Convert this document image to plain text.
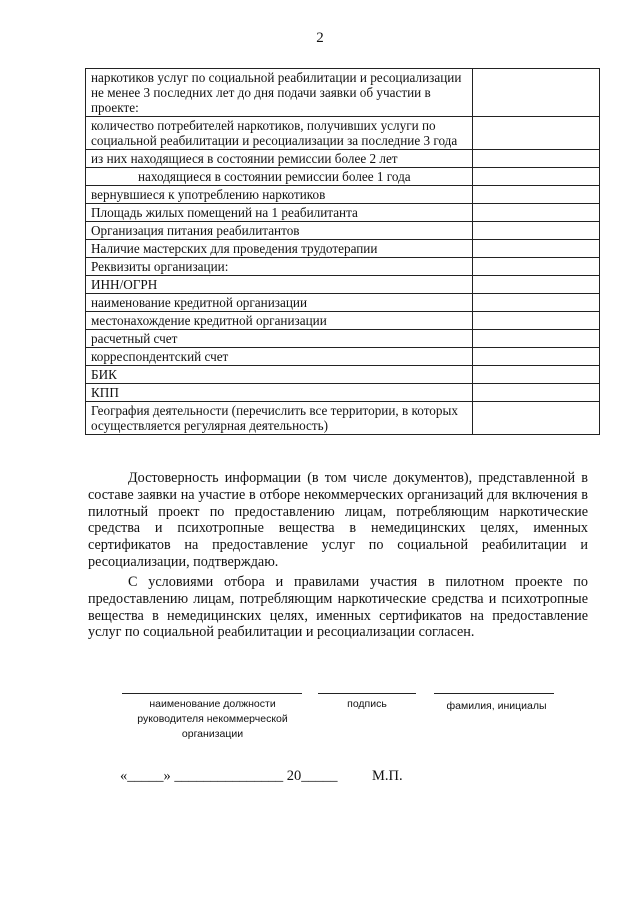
2
наркотиков услуг по социальной реабилитации и ресоциализации не менее 3 последних лет до дня подачи заявки об участии в проекте:	
количество потребителей наркотиков, получивших услуги по социальной реабилитации и ресоциализации за последние 3 года	
из них находящиеся в состоянии ремиссии более 2 лет	
находящиеся в состоянии ремиссии более 1 года	
вернувшиеся к употреблению наркотиков	
Площадь жилых помещений на 1 реабилитанта	
Организация питания реабилитантов	
Наличие мастерских для проведения трудотерапии	
Реквизиты организации:	
ИНН/ОГРН	
наименование кредитной организации	
местонахождение кредитной организации	
расчетный счет	
корреспондентский счет	
БИК	
КПП	
География деятельности (перечислить все территории, в которых осуществляется регулярная деятельность)	
Достоверность информации (в том числе документов), представленной в составе заявки на участие в отборе некоммерческих организаций для включения в пилотный проект по предоставлению лицам, потребляющим наркотические средства и психотропные вещества в немедицинских целях, именных сертификатов на предоставление услуг по социальной реабилитации и ресоциализации, подтверждаю.
С условиями отбора и правилами участия в пилотном проекте по предоставлению лицам, потребляющим наркотические средства и психотропные вещества в немедицинских целях, именных сертификатов на предоставление услуг по социальной реабилитации и ресоциализации согласен.
наименование должности руководителя некоммерческой организации
подпись	фамилия, инициалы
«_____» _______________ 20_____ М.П.
